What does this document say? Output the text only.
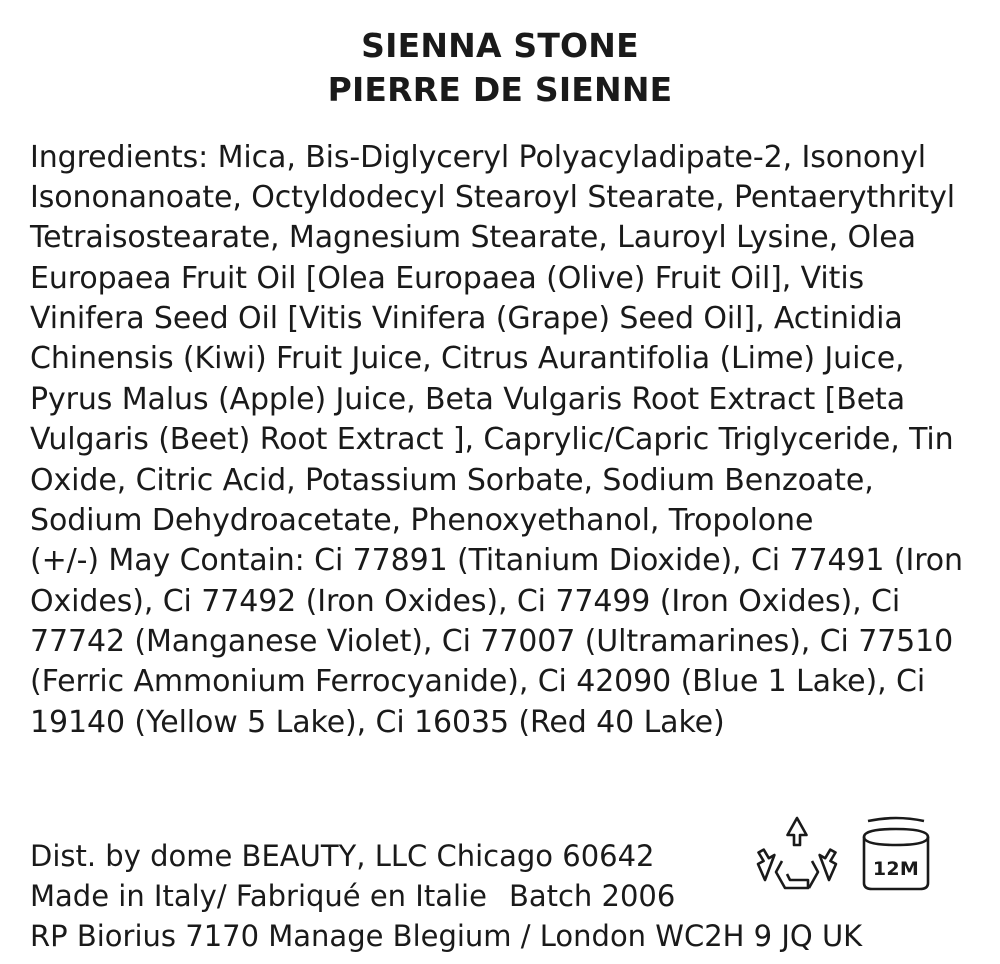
SIENNA STONE
PIERRE DE SIENNE

Ingredients: Mica, Bis-Diglyceryl Polyacyladipate-2, Isononyl Isononanoate, Octyldodecyl Stearoyl Stearate, Pentaerythrityl Tetraisostearate, Magnesium Stearate, Lauroyl Lysine, Olea Europaea Fruit Oil [Olea Europaea (Olive) Fruit Oil], Vitis Vinifera Seed Oil [Vitis Vinifera (Grape) Seed Oil], Actinidia Chinensis (Kiwi) Fruit Juice, Citrus Aurantifolia (Lime) Juice, Pyrus Malus (Apple) Juice, Beta Vulgaris Root Extract [Beta Vulgaris (Beet) Root Extract ], Caprylic/Capric Triglyceride, Tin Oxide, Citric Acid, Potassium Sorbate, Sodium Benzoate, Sodium Dehydroacetate, Phenoxyethanol, Tropolone

(+/-) May Contain: Ci 77891 (Titanium Dioxide), Ci 77491 (Iron Oxides), Ci 77492 (Iron Oxides), Ci 77499 (Iron Oxides), Ci 77742 (Manganese Violet), Ci 77007 (Ultramarines), Ci 77510 (Ferric Ammonium Ferrocyanide), Ci 42090 (Blue 1 Lake), Ci 19140 (Yellow 5 Lake), Ci 16035 (Red 40 Lake)

Dist. by dome BEAUTY, LLC Chicago 60642
Made in Italy/ Fabriqué en Italie Batch 2006
RP Biorius 7170 Manage Blegium / London WC2H 9 JQ UK
12M
